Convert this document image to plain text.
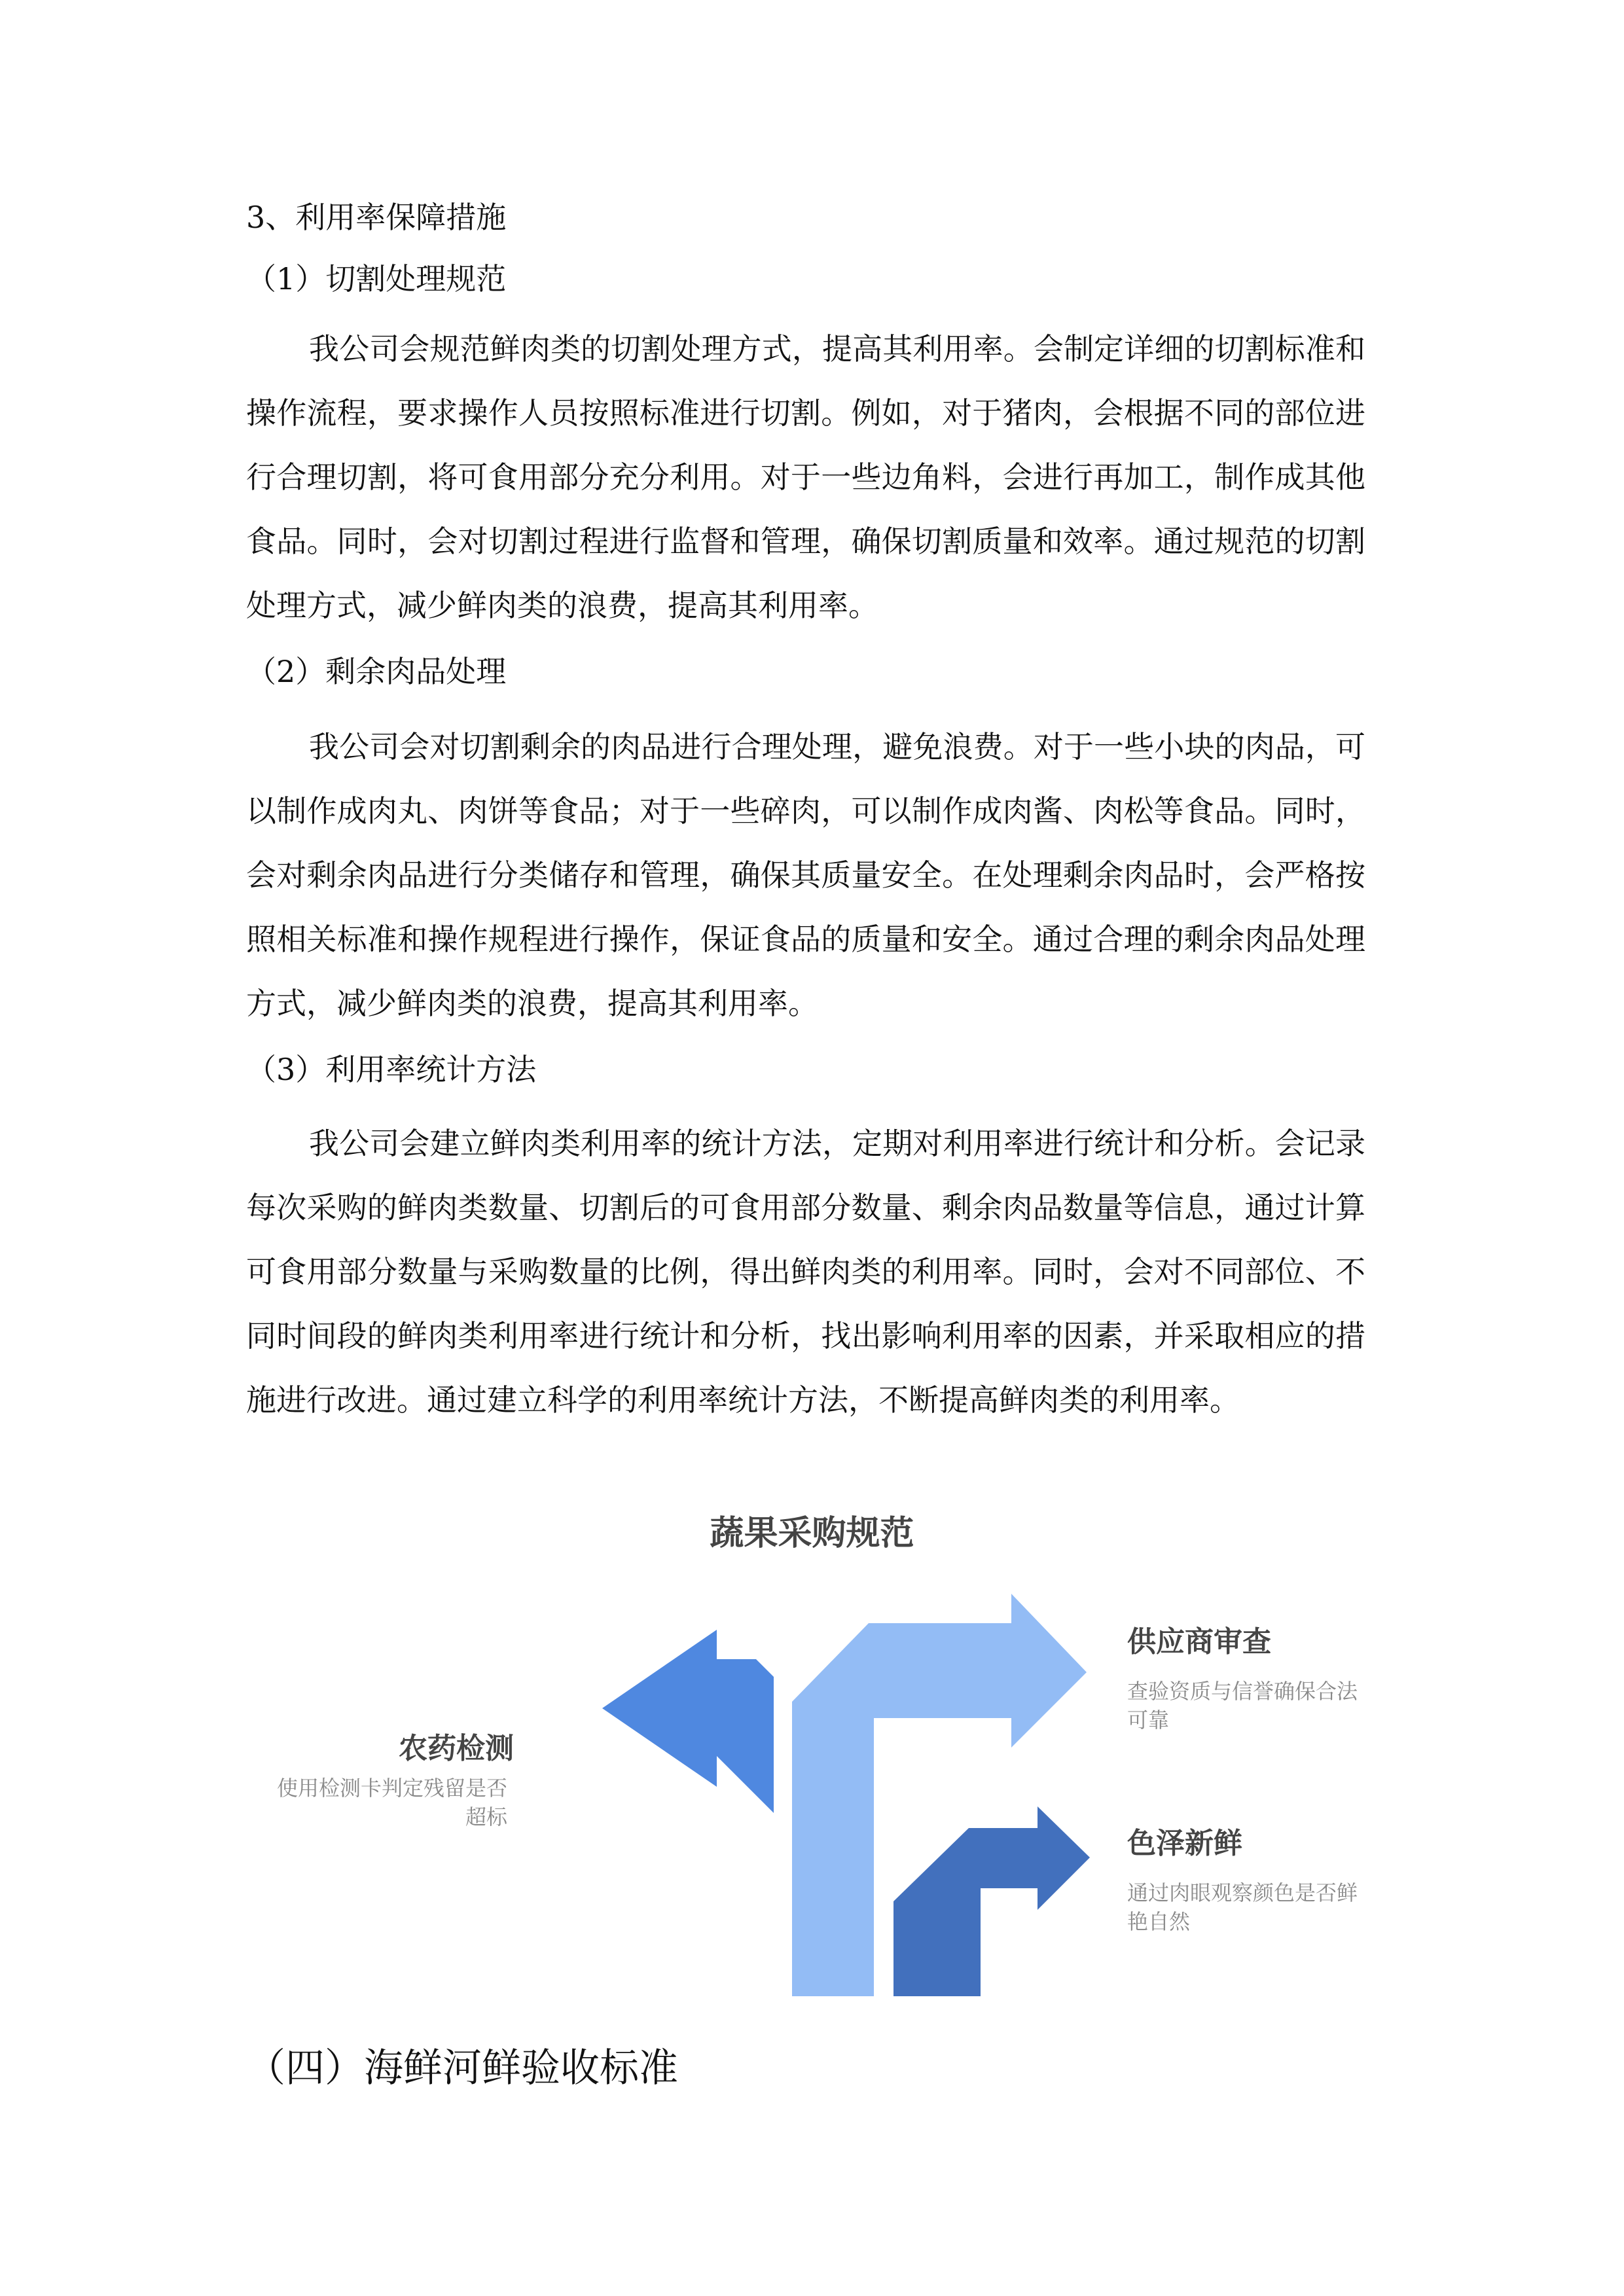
3、利用率保障措施
（1）切割处理规范

我公司会规范鲜肉类的切割处理方式，提高其利用率。会制定详细的切割标准和操作流程，要求操作人员按照标准进行切割。例如，对于猪肉，会根据不同的部位进行合理切割，将可食用部分充分利用。对于一些边角料，会进行再加工，制作成其他食品。同时，会对切割过程进行监督和管理，确保切割质量和效率。通过规范的切割处理方式，减少鲜肉类的浪费，提高其利用率。

（2）剩余肉品处理

我公司会对切割剩余的肉品进行合理处理，避免浪费。对于一些小块的肉品，可以制作成肉丸、肉饼等食品；对于一些碎肉，可以制作成肉酱、肉松等食品。同时，会对剩余肉品进行分类储存和管理，确保其质量安全。在处理剩余肉品时，会严格按照相关标准和操作规程进行操作，保证食品的质量和安全。通过合理的剩余肉品处理方式，减少鲜肉类的浪费，提高其利用率。

（3）利用率统计方法

我公司会建立鲜肉类利用率的统计方法，定期对利用率进行统计和分析。会记录每次采购的鲜肉类数量、切割后的可食用部分数量、剩余肉品数量等信息，通过计算可食用部分数量与采购数量的比例，得出鲜肉类的利用率。同时，会对不同部位、不同时间段的鲜肉类利用率进行统计和分析，找出影响利用率的因素，并采取相应的措施进行改进。通过建立科学的利用率统计方法，不断提高鲜肉类的利用率。

蔬果采购规范
农药检测
使用检测卡判定残留是否超标
供应商审查
查验资质与信誉确保合法可靠
色泽新鲜
通过肉眼观察颜色是否鲜艳自然
（四）海鲜河鲜验收标准
